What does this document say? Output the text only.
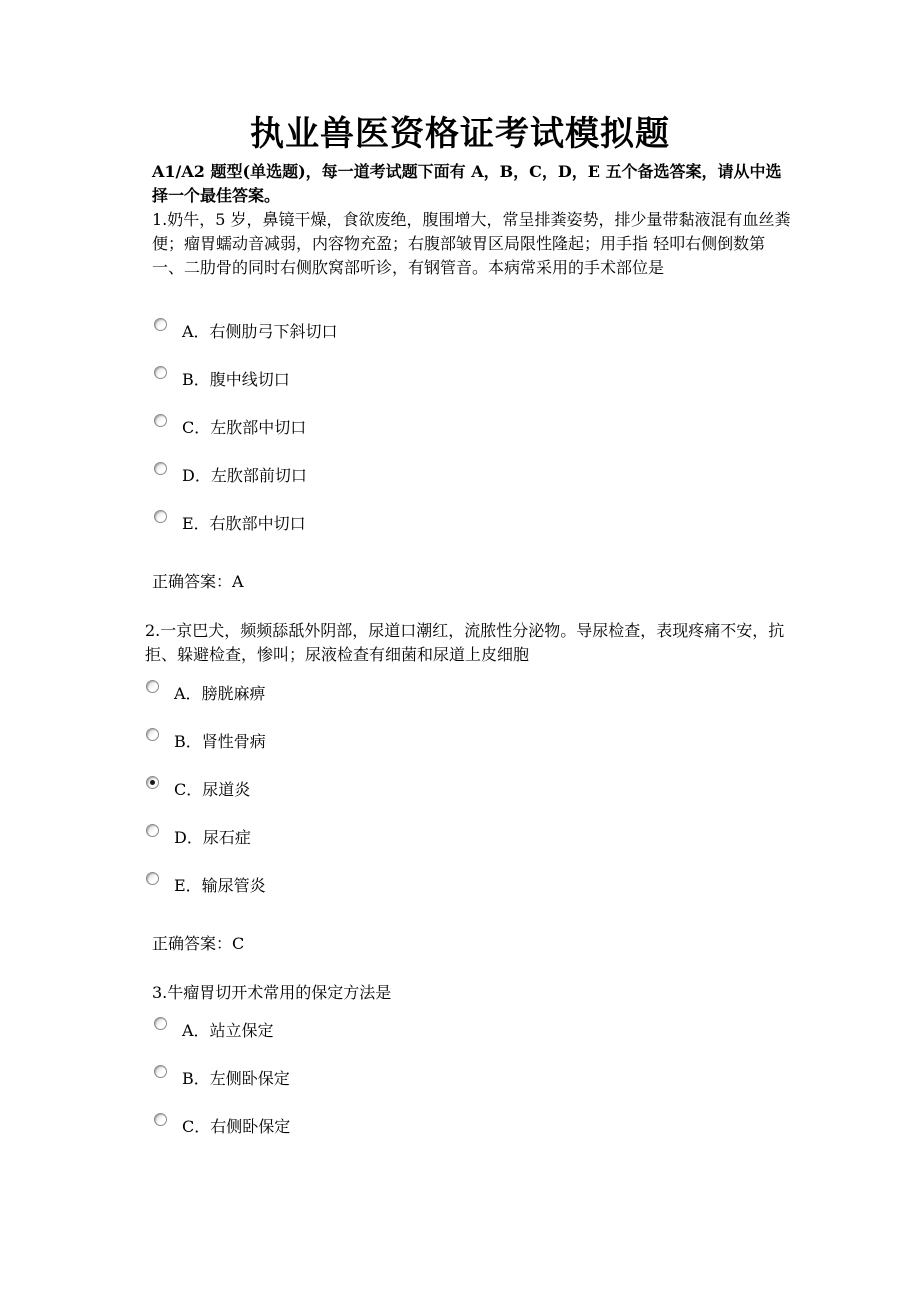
执业兽医资格证考试模拟题

A1/A2 题型(单选题)，每一道考试题下面有 A，B，C，D，E 五个备选答案，请从中选择一个最佳答案。

1.奶牛，5 岁，鼻镜干燥，食欲废绝，腹围增大，常呈排粪姿势，排少量带黏液混有血丝粪便；瘤胃蠕动音减弱，内容物充盈；右腹部皱胃区局限性隆起；用手指 轻叩右侧倒数第一、二肋骨的同时右侧肷窝部听诊，有钢管音。本病常采用的手术部位是

A．右侧肋弓下斜切口
B．腹中线切口
C．左肷部中切口
D．左肷部前切口
E．右肷部中切口

正确答案：A

2.一京巴犬，频频舔舐外阴部，尿道口潮红，流脓性分泌物。导尿检查，表现疼痛不安，抗拒、躲避检查，惨叫；尿液检查有细菌和尿道上皮细胞

A．膀胱麻痹
B．肾性骨病
C．尿道炎
D．尿石症
E．输尿管炎

正确答案：C

3.牛瘤胃切开术常用的保定方法是

A．站立保定
B．左侧卧保定
C．右侧卧保定
